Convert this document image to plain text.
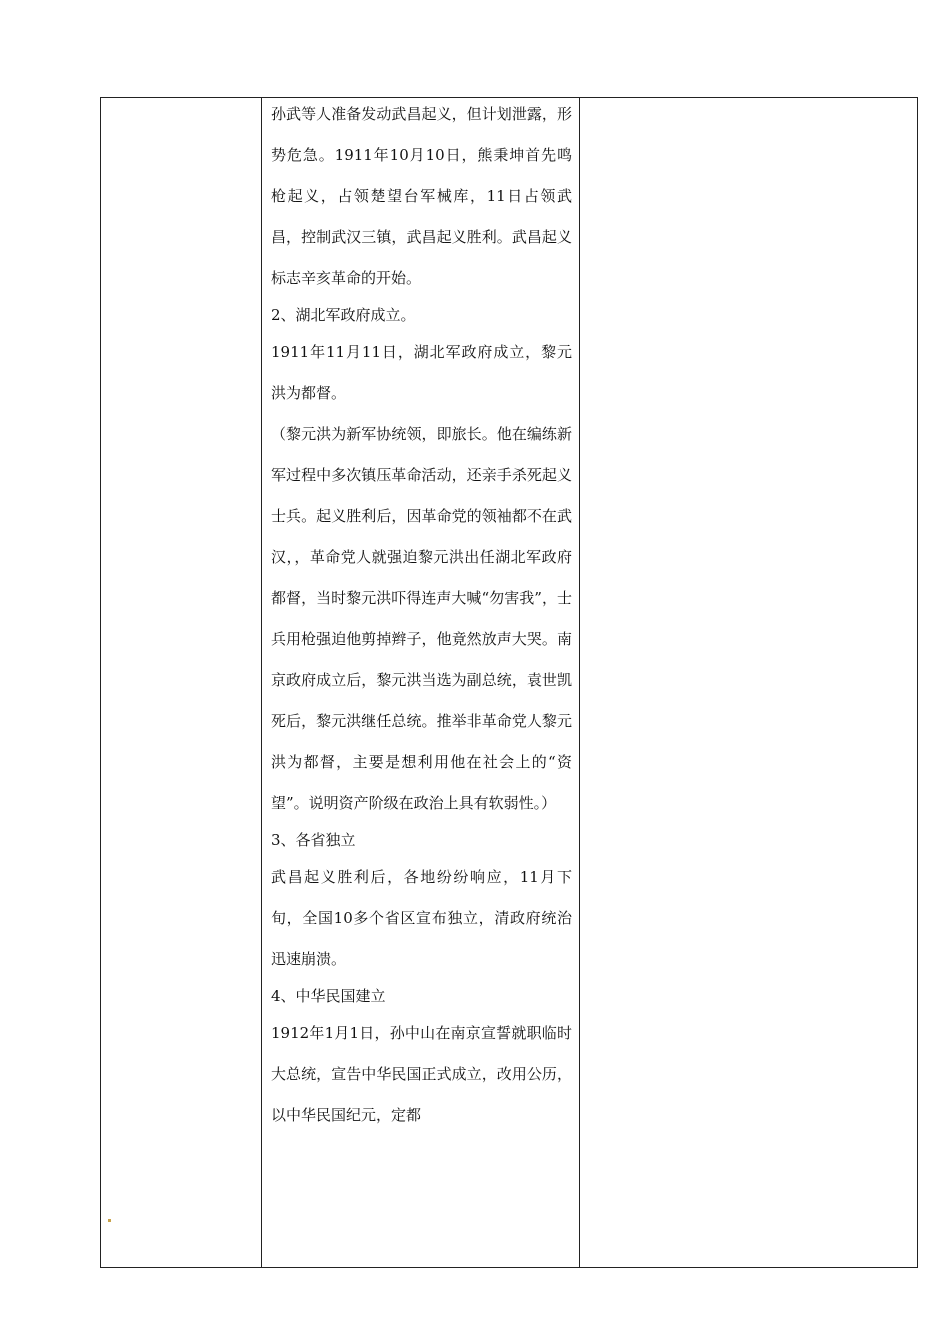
孙武等人准备发动武昌起义，但计划泄露，形势危急。1911年10月10日，熊秉坤首先鸣枪起义，占领楚望台军械库，11日占领武昌，控制武汉三镇，武昌起义胜利。武昌起义标志辛亥革命的开始。

2、湖北军政府成立。

1911年11月11日，湖北军政府成立，黎元洪为都督。

（黎元洪为新军协统领，即旅长。他在编练新军过程中多次镇压革命活动，还亲手杀死起义士兵。起义胜利后，因革命党的领袖都不在武汉，，革命党人就强迫黎元洪出任湖北军政府都督，当时黎元洪吓得连声大喊“勿害我”，士兵用枪强迫他剪掉辫子，他竟然放声大哭。南京政府成立后，黎元洪当选为副总统，袁世凯死后，黎元洪继任总统。推举非革命党人黎元洪为都督，主要是想利用他在社会上的“资望”。说明资产阶级在政治上具有软弱性。）

3、各省独立

武昌起义胜利后，各地纷纷响应，11月下旬，全国10多个省区宣布独立，清政府统治迅速崩溃。

4、中华民国建立

1912年1月1日，孙中山在南京宣誓就职临时大总统，宣告中华民国正式成立，改用公历，以中华民国纪元，定都
